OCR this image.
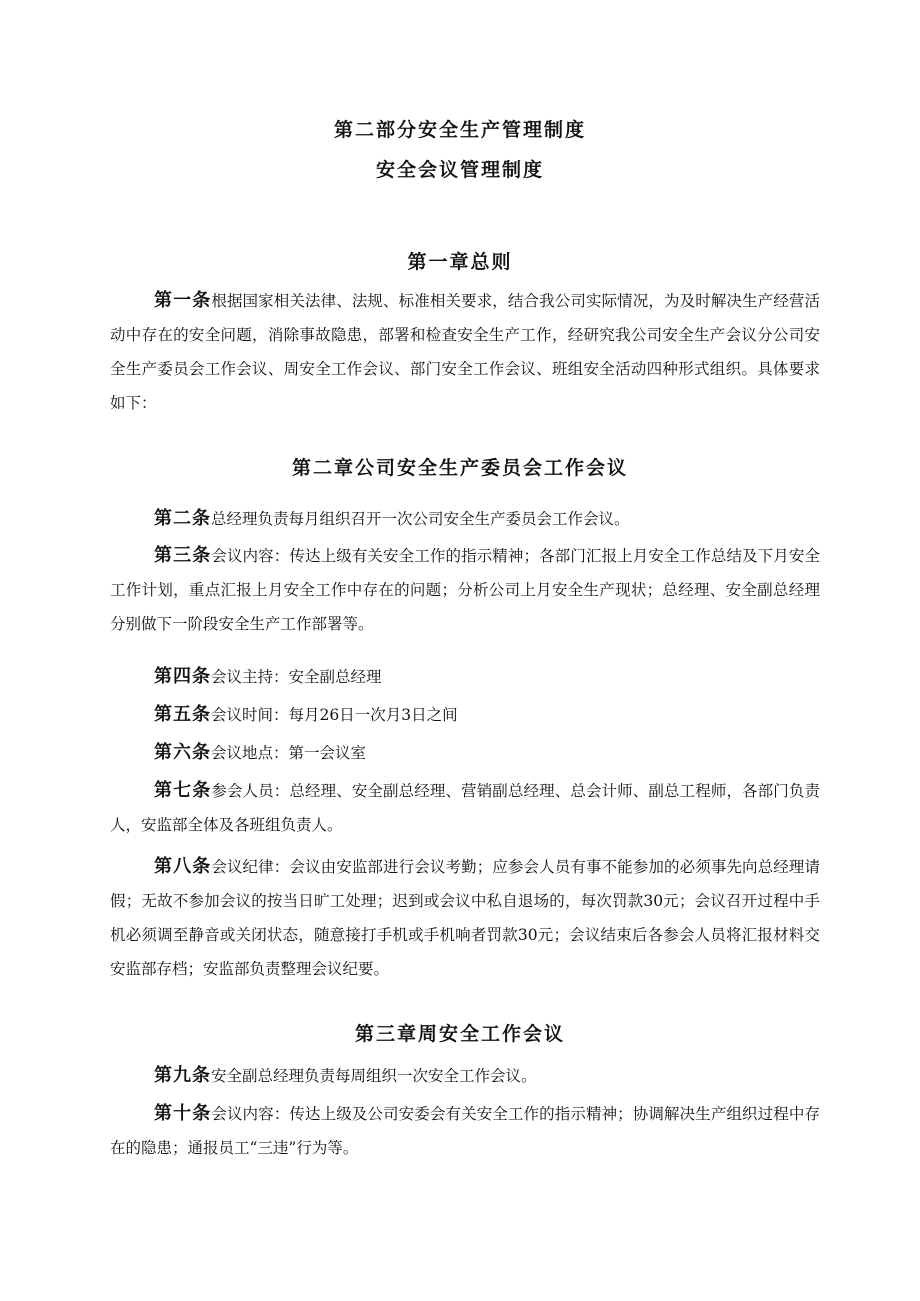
第二部分安全生产管理制度
安全会议管理制度
第一章总则

第一条根据国家相关法律、法规、标准相关要求，结合我公司实际情况，为及时解决生产经营活动中存在的安全问题，消除事故隐患，部署和检查安全生产工作，经研究我公司安全生产会议分公司安全生产委员会工作会议、周安全工作会议、部门安全工作会议、班组安全活动四种形式组织。具体要求如下：

第二章公司安全生产委员会工作会议

第二条总经理负责每月组织召开一次公司安全生产委员会工作会议。

第三条会议内容：传达上级有关安全工作的指示精神；各部门汇报上月安全工作总结及下月安全工作计划，重点汇报上月安全工作中存在的问题；分析公司上月安全生产现状；总经理、安全副总经理分别做下一阶段安全生产工作部署等。

第四条会议主持：安全副总经理

第五条会议时间：每月26日一次月3日之间

第六条会议地点：第一会议室

第七条参会人员：总经理、安全副总经理、营销副总经理、总会计师、副总工程师，各部门负责人，安监部全体及各班组负责人。

第八条会议纪律：会议由安监部进行会议考勤；应参会人员有事不能参加的必须事先向总经理请假；无故不参加会议的按当日旷工处理；迟到或会议中私自退场的，每次罚款30元；会议召开过程中手机必须调至静音或关闭状态，随意接打手机或手机响者罚款30元；会议结束后各参会人员将汇报材料交安监部存档；安监部负责整理会议纪要。

第三章周安全工作会议

第九条安全副总经理负责每周组织一次安全工作会议。

第十条会议内容：传达上级及公司安委会有关安全工作的指示精神；协调解决生产组织过程中存在的隐患；通报员工“三违”行为等。
